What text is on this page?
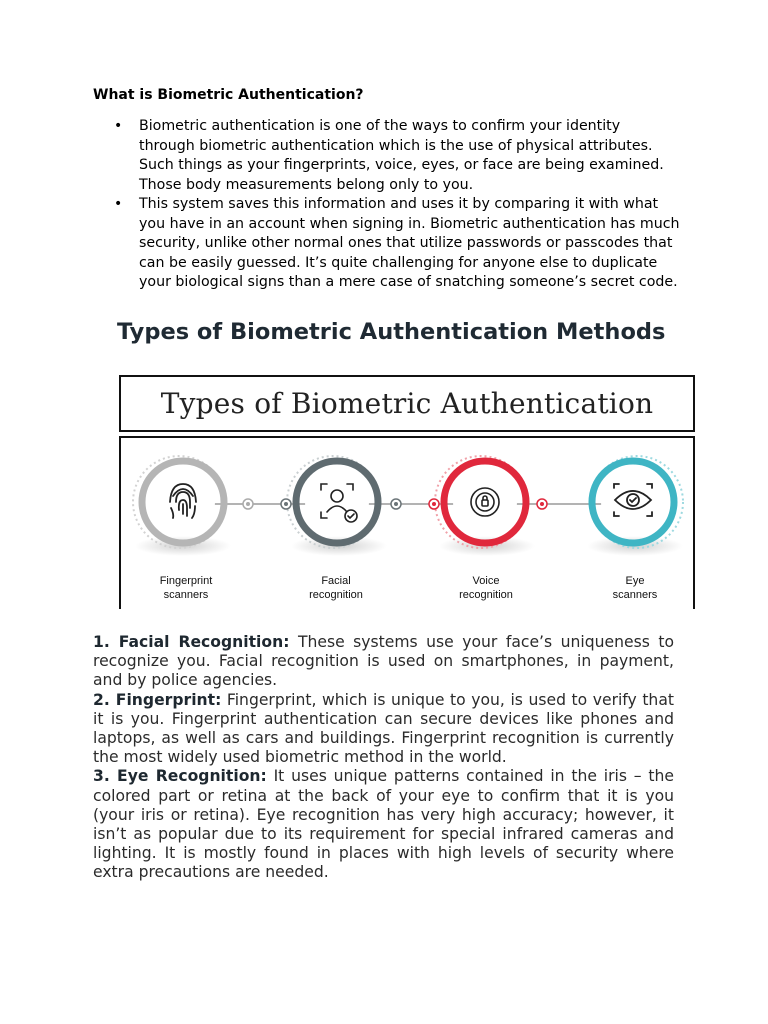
What is Biometric Authentication?
• Biometric authentication is one of the ways to confirm your identity through biometric authentication which is the use of physical attributes. Such things as your fingerprints, voice, eyes, or face are being examined. Those body measurements belong only to you.
• This system saves this information and uses it by comparing it with what you have in an account when signing in. Biometric authentication has much security, unlike other normal ones that utilize passwords or passcodes that can be easily guessed. It’s quite challenging for anyone else to duplicate your biological signs than a mere case of snatching someone’s secret code.
Types of Biometric Authentication Methods
Types of Biometric Authentication
Fingerprint
scanners
Facial
recognition
Voice
recognition
Eye
scanners

1. Facial Recognition: These systems use your face’s uniqueness to recognize you. Facial recognition is used on smartphones, in payment, and by police agencies.

2. Fingerprint: Fingerprint, which is unique to you, is used to verify that it is you. Fingerprint authentication can secure devices like phones and laptops, as well as cars and buildings. Fingerprint recognition is currently the most widely used biometric method in the world.

3. Eye Recognition: It uses unique patterns contained in the iris – the colored part or retina at the back of your eye to confirm that it is you (your iris or retina). Eye recognition has very high accuracy; however, it isn’t as popular due to its requirement for special infrared cameras and lighting. It is mostly found in places with high levels of security where extra precautions are needed.
